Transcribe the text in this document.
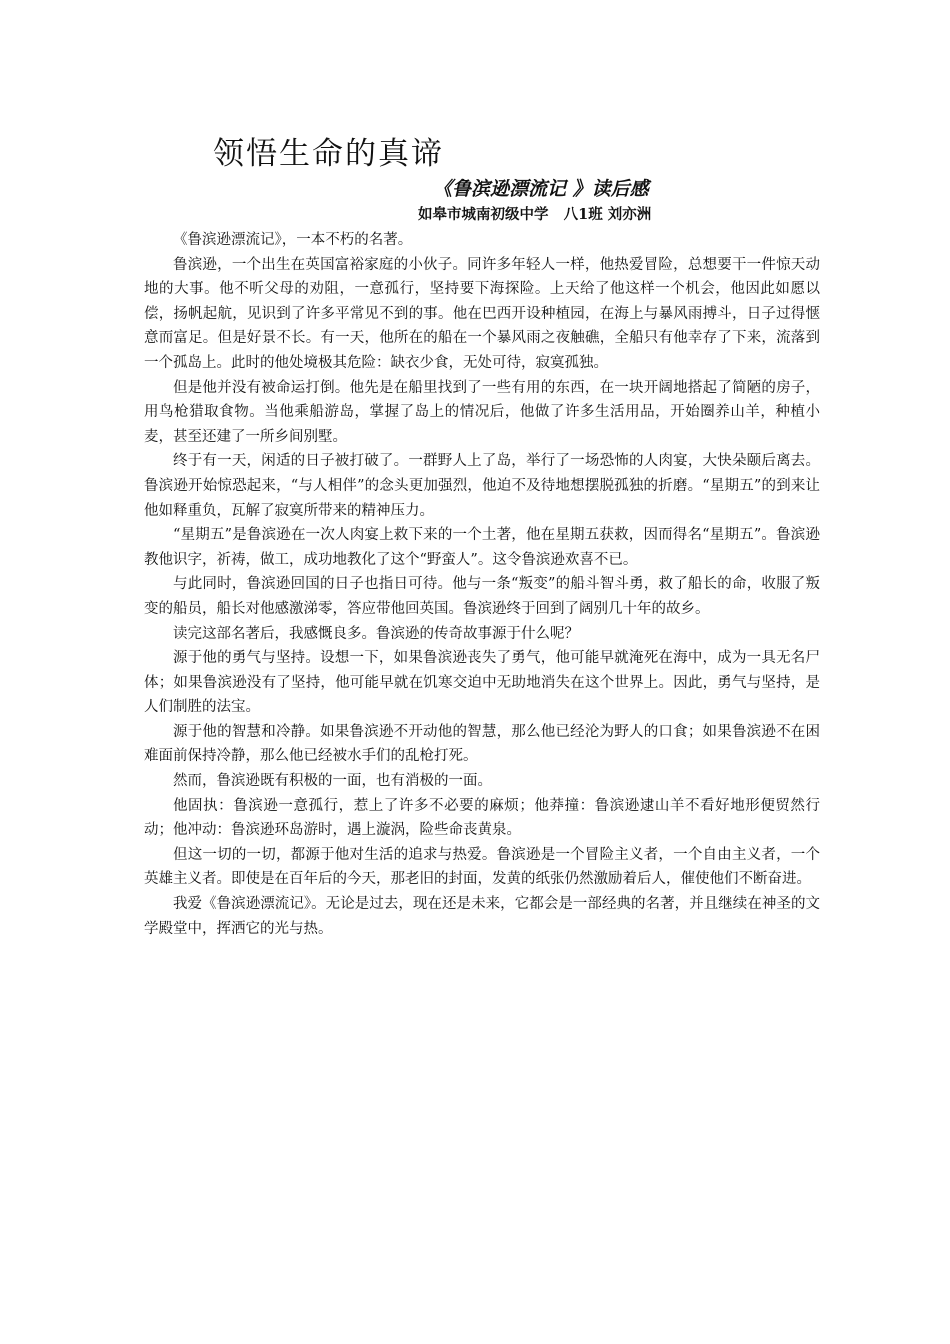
领悟生命的真谛
《鲁滨逊漂流记 》读后感
如皋市城南初级中学   八1班 刘亦洲

《鲁滨逊漂流记》，一本不朽的名著。

鲁滨逊，一个出生在英国富裕家庭的小伙子。同许多年轻人一样，他热爱冒险，总想要干一件惊天动地的大事。他不听父母的劝阻，一意孤行，坚持要下海探险。上天给了他这样一个机会，他因此如愿以偿，扬帆起航，见识到了许多平常见不到的事。他在巴西开设种植园，在海上与暴风雨搏斗，日子过得惬意而富足。但是好景不长。有一天，他所在的船在一个暴风雨之夜触礁，全船只有他幸存了下来，流落到一个孤岛上。此时的他处境极其危险：缺衣少食，无处可待，寂寞孤独。

但是他并没有被命运打倒。他先是在船里找到了一些有用的东西，在一块开阔地搭起了简陋的房子，用鸟枪猎取食物。当他乘船游岛，掌握了岛上的情况后，他做了许多生活用品，开始圈养山羊，种植小麦，甚至还建了一所乡间别墅。

终于有一天，闲适的日子被打破了。一群野人上了岛，举行了一场恐怖的人肉宴，大快朵颐后离去。鲁滨逊开始惊恐起来，“与人相伴”的念头更加强烈，他迫不及待地想摆脱孤独的折磨。“星期五”的到来让他如释重负，瓦解了寂寞所带来的精神压力。

“星期五”是鲁滨逊在一次人肉宴上救下来的一个土著，他在星期五获救，因而得名“星期五”。鲁滨逊教他识字，祈祷，做工，成功地教化了这个“野蛮人”。这令鲁滨逊欢喜不已。

与此同时，鲁滨逊回国的日子也指日可待。他与一条“叛变”的船斗智斗勇，救了船长的命，收服了叛变的船员，船长对他感激涕零，答应带他回英国。鲁滨逊终于回到了阔别几十年的故乡。

读完这部名著后，我感慨良多。鲁滨逊的传奇故事源于什么呢？

源于他的勇气与坚持。设想一下，如果鲁滨逊丧失了勇气，他可能早就淹死在海中，成为一具无名尸体；如果鲁滨逊没有了坚持，他可能早就在饥寒交迫中无助地消失在这个世界上。因此，勇气与坚持，是人们制胜的法宝。

源于他的智慧和冷静。如果鲁滨逊不开动他的智慧，那么他已经沦为野人的口食；如果鲁滨逊不在困难面前保持冷静，那么他已经被水手们的乱枪打死。

然而，鲁滨逊既有积极的一面，也有消极的一面。

他固执：鲁滨逊一意孤行，惹上了许多不必要的麻烦；他莽撞：鲁滨逊逮山羊不看好地形便贸然行动；他冲动：鲁滨逊环岛游时，遇上漩涡，险些命丧黄泉。

但这一切的一切，都源于他对生活的追求与热爱。鲁滨逊是一个冒险主义者，一个自由主义者，一个英雄主义者。即使是在百年后的今天，那老旧的封面，发黄的纸张仍然激励着后人，催使他们不断奋进。

我爱《鲁滨逊漂流记》。无论是过去，现在还是未来，它都会是一部经典的名著，并且继续在神圣的文学殿堂中，挥洒它的光与热。
